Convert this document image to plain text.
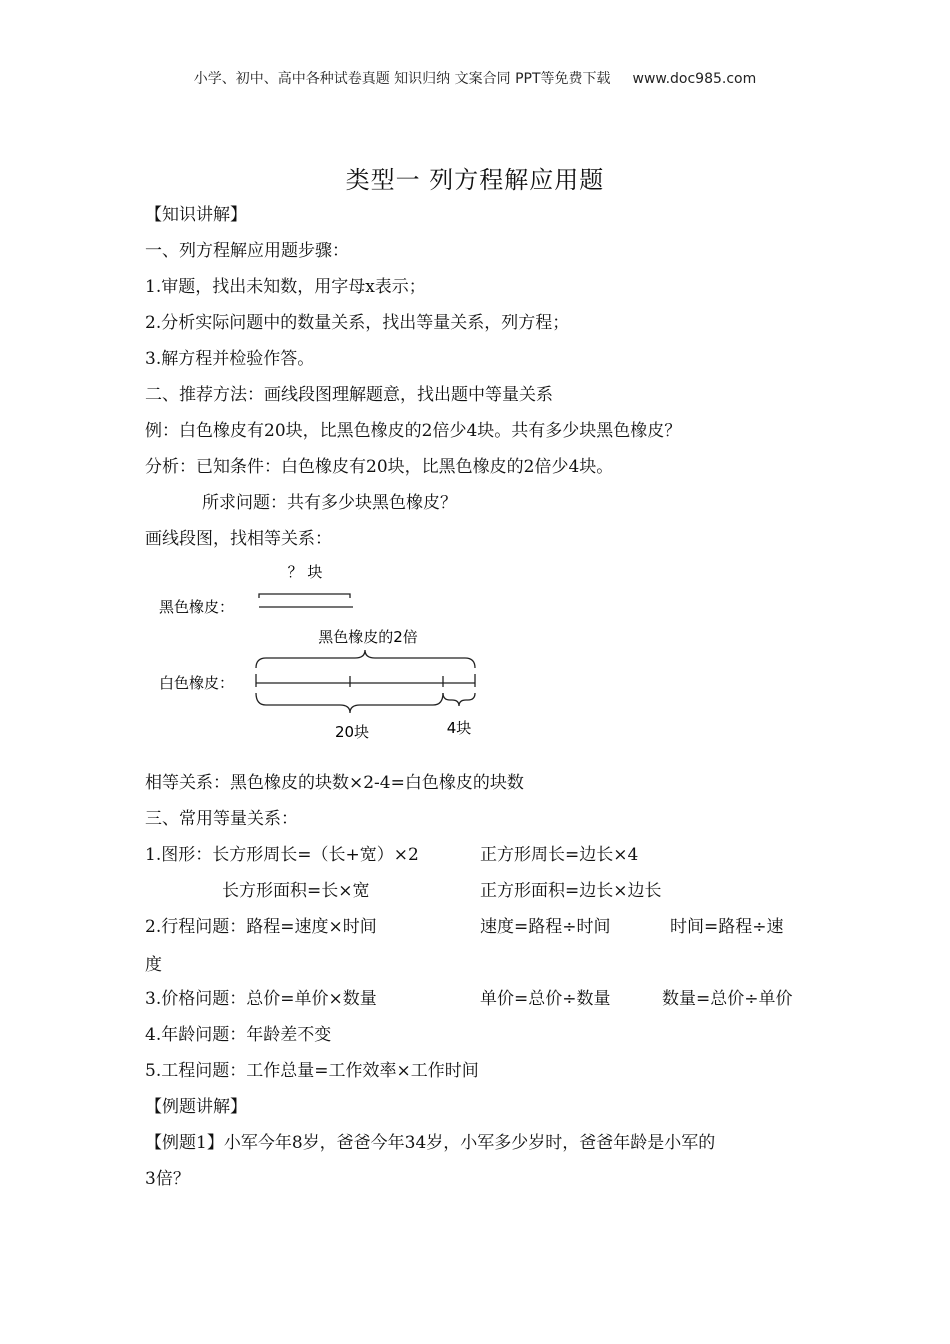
小学、初中、高中各种试卷真题 知识归纳 文案合同 PPT等免费下载 www.doc985.com
类型一 列方程解应用题
【知识讲解】
一、列方程解应用题步骤：
1.审题，找出未知数，用字母x表示；
2.分析实际问题中的数量关系，找出等量关系，列方程；
3.解方程并检验作答。
二、推荐方法：画线段图理解题意，找出题中等量关系
例：白色橡皮有20块，比黑色橡皮的2倍少4块。共有多少块黑色橡皮？
分析：已知条件：白色橡皮有20块，比黑色橡皮的2倍少4块。
所求问题：共有多少块黑色橡皮？
画线段图，找相等关系：
？ 块
黑色橡皮：
黑色橡皮的2倍
白色橡皮：
20块	4块
相等关系：黑色橡皮的块数×2-4=白色橡皮的块数
三、常用等量关系：
1.图形：长方形周长=（长+宽）×2	正方形周长=边长×4
长方形面积=长×宽	正方形面积=边长×边长
2.行程问题：路程=速度×时间	速度=路程÷时间	时间=路程÷速
度
3.价格问题：总价=单价×数量	单价=总价÷数量	数量=总价÷单价
4.年龄问题：年龄差不变
5.工程问题：工作总量=工作效率×工作时间
【例题讲解】
【例题1】小军今年8岁，爸爸今年34岁，小军多少岁时，爸爸年龄是小军的
3倍？
